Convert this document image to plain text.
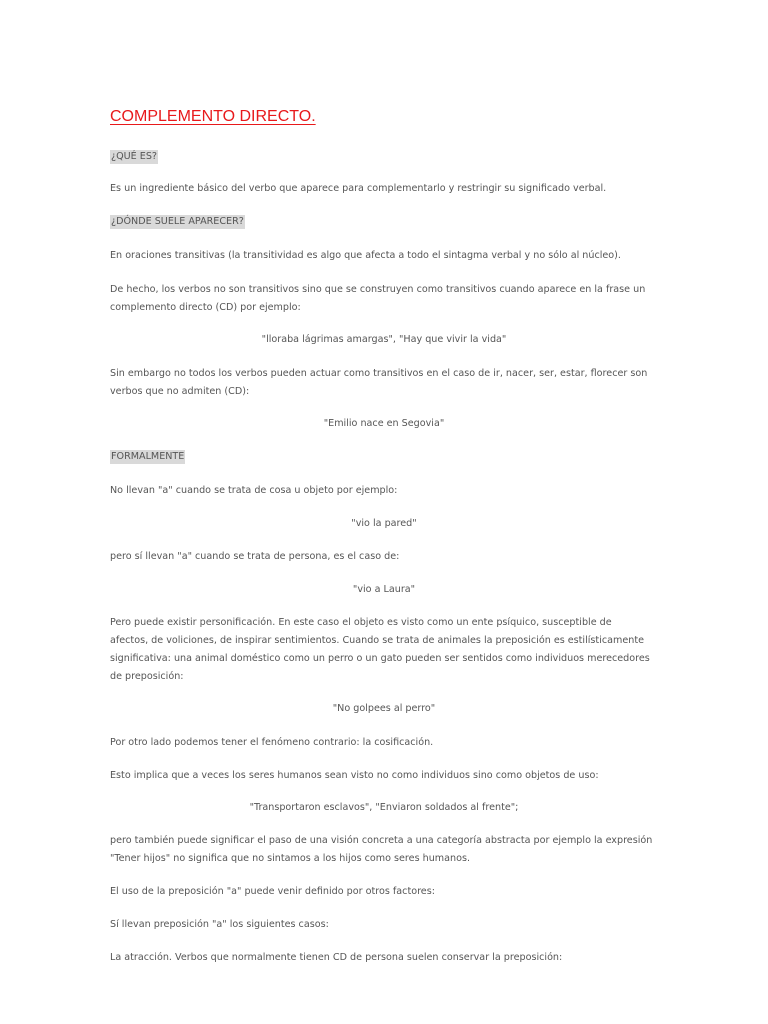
COMPLEMENTO DIRECTO.
¿QUÉ ES?
Es un ingrediente básico del verbo que aparece para complementarlo y restringir su significado verbal.
¿DÓNDE SUELE APARECER?
En oraciones transitivas (la transitividad es algo que afecta a todo el sintagma verbal y no sólo al núcleo).
De hecho, los verbos no son transitivos sino que se construyen como transitivos cuando aparece en la frase un
complemento directo (CD) por ejemplo:
"lloraba lágrimas amargas", "Hay que vivir la vida"
Sin embargo no todos los verbos pueden actuar como transitivos en el caso de ir, nacer, ser, estar, florecer son
verbos que no admiten (CD):
"Emilio nace en Segovia"
FORMALMENTE
No llevan "a" cuando se trata de cosa u objeto por ejemplo:
"vio la pared"
pero sí llevan "a" cuando se trata de persona, es el caso de:
"vio a Laura"
Pero puede existir personificación. En este caso el objeto es visto como un ente psíquico, susceptible de
afectos, de voliciones, de inspirar sentimientos. Cuando se trata de animales la preposición es estilísticamente
significativa: una animal doméstico como un perro o un gato pueden ser sentidos como individuos merecedores
de preposición:
"No golpees al perro"
Por otro lado podemos tener el fenómeno contrario: la cosificación.
Esto implica que a veces los seres humanos sean visto no como individuos sino como objetos de uso:
"Transportaron esclavos", "Enviaron soldados al frente";
pero también puede significar el paso de una visión concreta a una categoría abstracta por ejemplo la expresión
"Tener hijos" no significa que no sintamos a los hijos como seres humanos.
El uso de la preposición "a" puede venir definido por otros factores:
Sí llevan preposición "a" los siguientes casos:
La atracción. Verbos que normalmente tienen CD de persona suelen conservar la preposición:
